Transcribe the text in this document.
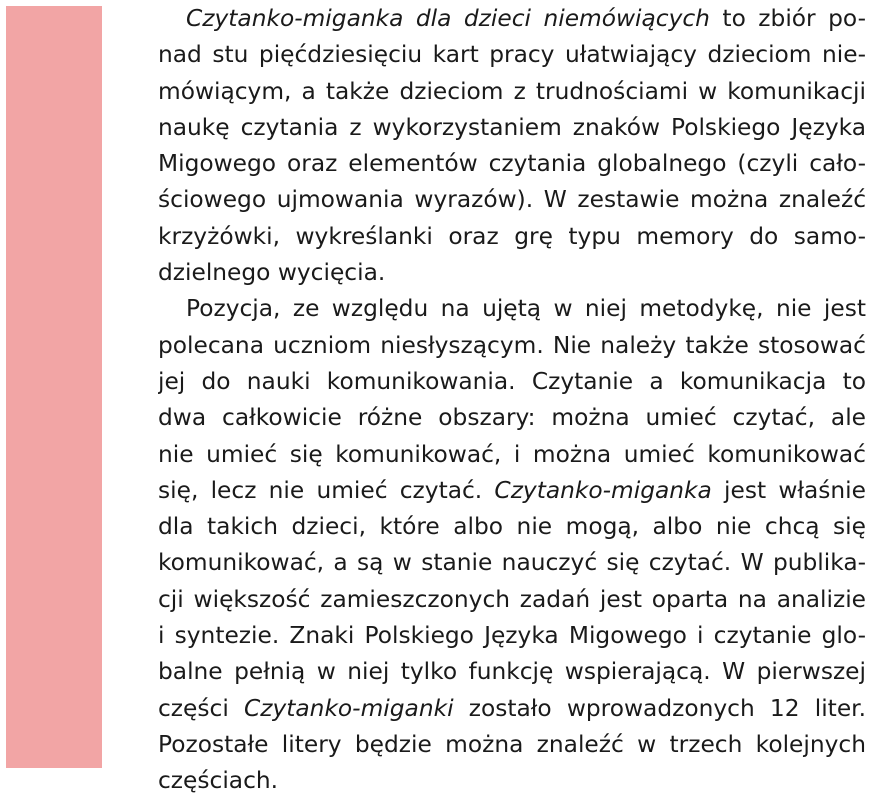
Czytanko-miganka dla dzieci niemówiących to zbiór po-
nad stu pięćdziesięciu kart pracy ułatwiający dzieciom nie-
mówiącym, a także dzieciom z trudnościami w komunikacji
naukę czytania z wykorzystaniem znaków Polskiego Języka
Migowego oraz elementów czytania globalnego (czyli cało-
ściowego ujmowania wyrazów). W zestawie można znaleźć
krzyżówki, wykreślanki oraz grę typu memory do samo-
dzielnego wycięcia.
Pozycja, ze względu na ujętą w niej metodykę, nie jest
polecana uczniom niesłyszącym. Nie należy także stosować
jej do nauki komunikowania. Czytanie a komunikacja to
dwa całkowicie różne obszary: można umieć czytać, ale
nie umieć się komunikować, i można umieć komunikować
się, lecz nie umieć czytać. Czytanko-miganka jest właśnie
dla takich dzieci, które albo nie mogą, albo nie chcą się
komunikować, a są w stanie nauczyć się czytać. W publika-
cji większość zamieszczonych zadań jest oparta na analizie
i syntezie. Znaki Polskiego Języka Migowego i czytanie glo-
balne pełnią w niej tylko funkcję wspierającą. W pierwszej
części Czytanko-miganki zostało wprowadzonych 12 liter.
Pozostałe litery będzie można znaleźć w trzech kolejnych
częściach.
